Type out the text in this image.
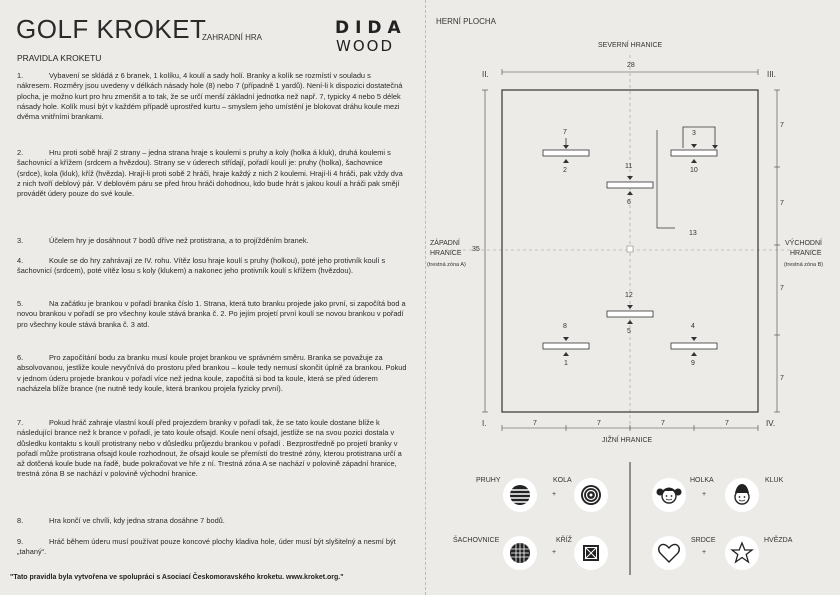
GOLF KROKET
ZAHRADNÍ HRA	DIDA
WOOD
PRAVIDLA KROKETU
1.	Vybavení se skládá z 6 branek, 1 kolíku, 4 koulí a sady holí. Branky a kolík se rozmístí v souladu s nákresem. Rozměry jsou uvedeny v délkách násady hole (8) nebo 7 (případně 1 yardů). Není-li k dispozici dostatečná plocha, je možno kurt pro hru zmenšit a to tak, že se určí menší základní jednotka než např. 7, typicky 4 nebo 5 délek násady hole. Kolík musí být v každém případě uprostřed kurtu – smyslem jeho umístění je blokovat dráhu koule mezi dvěma vnitřními brankami.
2.	Hru proti sobě hrají 2 strany – jedna strana hraje s koulemi s pruhy a koly (holka á kluk), druhá koulemi s šachovnicí a křížem (srdcem a hvězdou). Strany se v úderech střídají, pořadí koulí je: pruhy (holka), šachovnice (srdce), kola (kluk), kříž (hvězda). Hrají-li proti sobě 2 hráči, hraje každý z nich 2 koulemi. Hrají-li 4 hráči, pak vždy dva z nich tvoří deblový pár. V deblovém páru se před hrou hráči dohodnou, kdo bude hrát s jakou koulí a hráči pak smějí provádět údery pouze do své koule.
3.	Účelem hry je dosáhnout 7 bodů dříve než protistrana, a to projížděním branek.
4.	Koule se do hry zahrávají ze IV. rohu. Vítěz losu hraje koulí s pruhy (holkou), poté jeho protivník koulí s šachovnicí (srdcem), poté vítěz losu s koly (klukem) a nakonec jeho protivník koulí s křížem (hvězdou).
5.	Na začátku je brankou v pořadí branka číslo 1. Strana, která tuto branku projede jako první, si započítá bod a novou brankou v pořadí se pro všechny koule stává branka č. 2. Po jejím projetí první koulí se novou brankou v pořadí pro všechny koule stává branka č. 3 atd.
6.	Pro započítání bodu za branku musí koule projet brankou ve správném směru. Branka se považuje za absolvovanou, jestliže koule nevyčnívá do prostoru před brankou – koule tedy nemusí skončit úplně za brankou. Pokud v jednom úderu projede brankou v pořadí více než jedna koule, započítá si bod ta koule, která se před úderem nacházela blíže brance (ne nutně tedy koule, která brankou projela fyzicky první).
7.	Pokud hráč zahraje vlastní koulí před projezdem branky v pořadí tak, že se tato koule dostane blíže k následující brance než k brance v pořadí, je tato koule ofsajd. Koule není ofsajd, jestliže se na svou pozici dostala v důsledku kontaktu s koulí protistrany nebo v důsledku průjezdu brankou v pořadí . Bezprostředně po projetí branky v pořadí může protistrana ofsajd koule rozhodnout, že ofsajd koule se přemístí do trestné zóny, kterou protistrana určí a až dotčená koule bude na řadě, bude pokračovat ve hře z ní. Trestná zóna A se nachází v polovině západní hranice, trestná zóna B se nachází v polovině východní hranice.
8.	Hra končí ve chvíli, kdy jedna strana dosáhne 7 bodů.
9.	Hráč během úderu musí používat pouze koncové plochy kladiva hole, úder musí být slyšitelný a nesmí být „tahaný“.
"Tato pravidla byla vytvořena ve spolupráci s Asociací Českomoravského kroketu. www.kroket.org."
HERNÍ PLOCHA
SEVERNÍ HRANICE
JIŽNÍ HRANICE
ZÁPADNÍ
HRANICE
(trestná zóna A)
VÝCHODNÍ
HRANICE
(trestná zóna B)
II.	III.
I.	IV.
28
35
7
7
7
7
7	7	7	7
7
2
11
6
3
10
12
5
8
1
4
9
13
PRUHY	KOLA	HOLKA	KLUK
ŠACHOVNICE	KŘÍŽ	SRDCE	HVĚZDA
+	+
+	+
